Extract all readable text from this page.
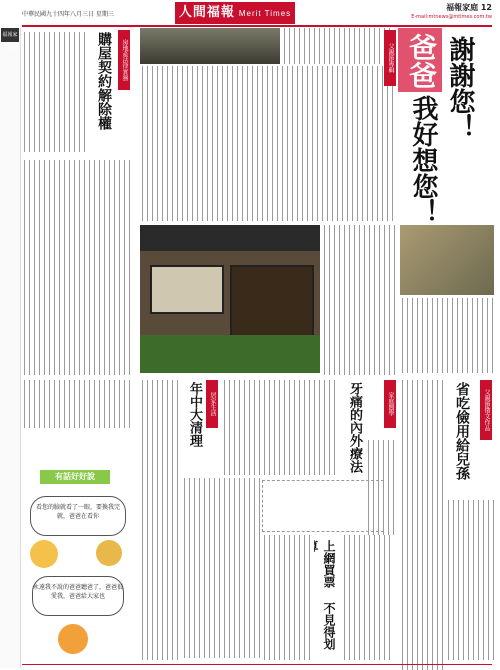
中華民國九十四年八月三日 星期三	人間福報 Merit Times
福報家庭 12
E-mail:mtnews@mtimes.com.tw
福報家庭	房地產法律實務
購屋契約解除權	父親節專輯 爸爸 謝謝您！
我好想您！
父親節徵文作品
省吃儉用給兒孫
家庭醫學
牙痛的內外療法
居家生活
年中大清理
上網買票 不見得划
有話好好說
看您的臉就看了一眼，要換我完就，爸爸在看你
永遠我不說的爸爸聽爸了，爸爸很愛我，爸爸給大家也
